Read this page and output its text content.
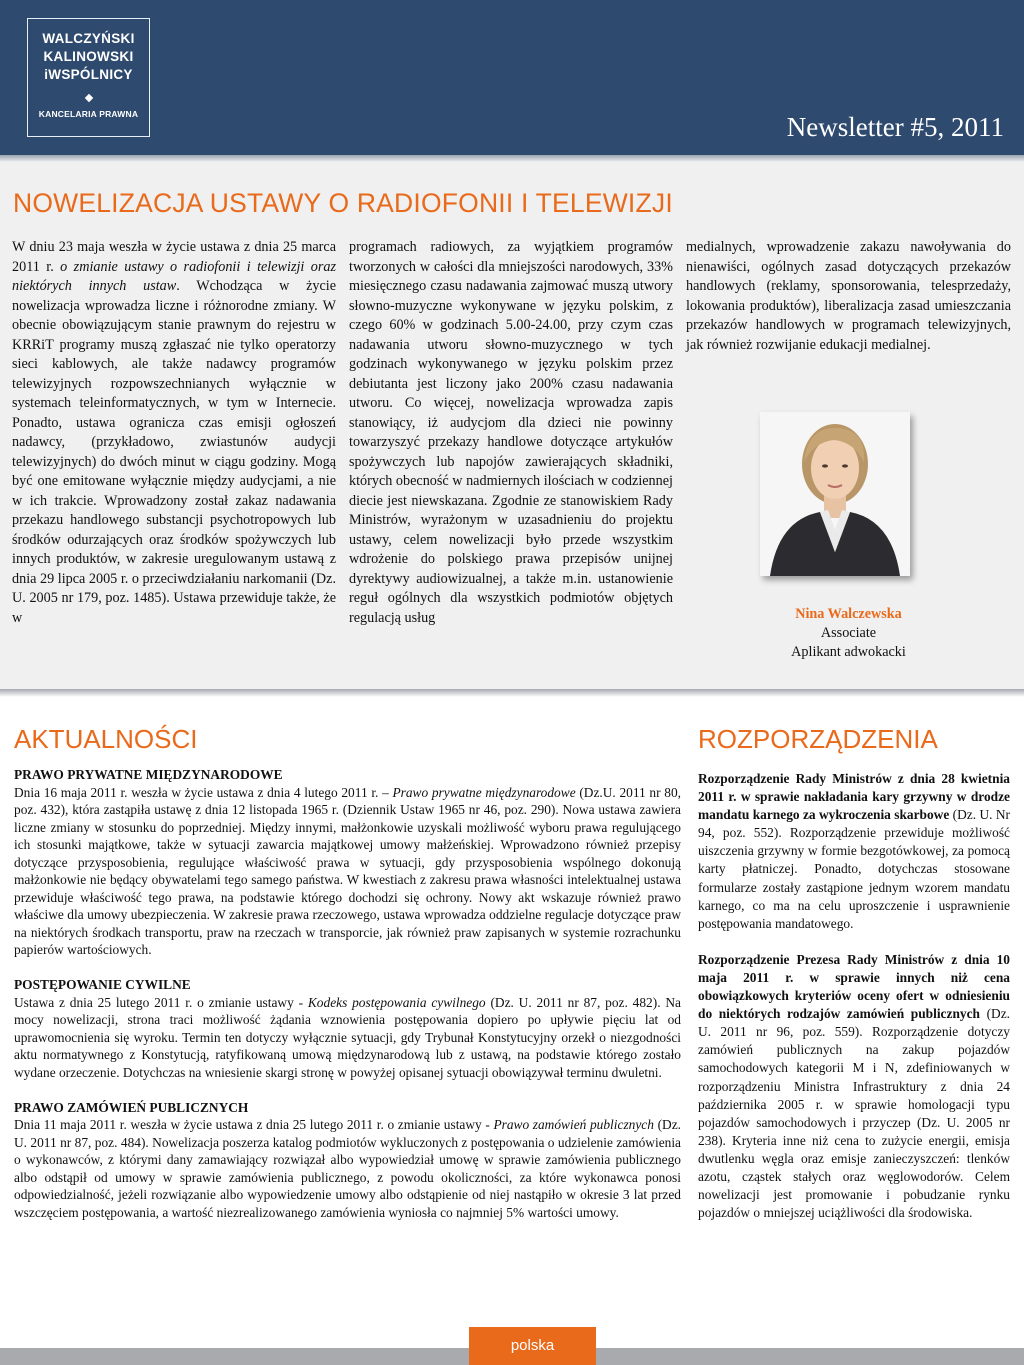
WALCZYŃSKI
KALINOWSKI
iWSPÓLNICY
KANCELARIA PRAWNA	Newsletter #5, 2011
NOWELIZACJA USTAWY O RADIOFONII I TELEWIZJI
W dniu 23 maja weszła w życie ustawa z dnia 25 marca 2011 r. o zmianie ustawy o radiofonii i telewizji oraz niektórych innych ustaw. Wchodząca w życie nowelizacja wprowadza liczne i różnorodne zmiany. W obecnie obowiązującym stanie prawnym do rejestru w KRRiT programy muszą zgłaszać nie tylko operatorzy sieci kablowych, ale także nadawcy programów telewizyjnych rozpowszechnianych wyłącznie w systemach teleinformatycznych, w tym w Internecie. Ponadto, ustawa ogranicza czas emisji ogłoszeń nadawcy, (przykładowo, zwiastunów audycji telewizyjnych) do dwóch minut w ciągu godziny. Mogą być one emitowane wyłącznie między audycjami, a nie w ich trakcie. Wprowadzony został zakaz nadawania przekazu handlowego substancji psychotropowych lub środków odurzających oraz środków spożywczych lub innych produktów, w zakresie uregulowanym ustawą z dnia 29 lipca 2005 r. o przeciwdziałaniu narkomanii (Dz. U. 2005 nr 179, poz. 1485). Ustawa przewiduje także, że w
programach radiowych, za wyjątkiem programów tworzonych w całości dla mniejszości narodowych, 33% miesięcznego czasu nadawania zajmować muszą utwory słowno-muzyczne wykonywane w języku polskim, z czego 60% w godzinach 5.00-24.00, przy czym czas nadawania utworu słowno-muzycznego w tych godzinach wykonywanego w języku polskim przez debiutanta jest liczony jako 200% czasu nadawania utworu. Co więcej, nowelizacja wprowadza zapis stanowiący, iż audycjom dla dzieci nie powinny towarzyszyć przekazy handlowe dotyczące artykułów spożywczych lub napojów zawierających składniki, których obecność w nadmiernych ilościach w codziennej diecie jest niewskazana. Zgodnie ze stanowiskiem Rady Ministrów, wyrażonym w uzasadnieniu do projektu ustawy, celem nowelizacji było przede wszystkim wdrożenie do polskiego prawa przepisów unijnej dyrektywy audiowizualnej, a także m.in. ustanowienie reguł ogólnych dla wszystkich podmiotów objętych regulacją usług
medialnych, wprowadzenie zakazu nawoływania do nienawiści, ogólnych zasad dotyczących przekazów handlowych (reklamy, sponsorowania, telesprzedaży, lokowania produktów), liberalizacja zasad umieszczania przekazów handlowych w programach telewizyjnych, jak również rozwijanie edukacji medialnej.
Nina Walczewska
Associate
Aplikant adwokacki
AKTUALNOŚCI

PRAWO PRYWATNE MIĘDZYNARODOWE
Dnia 16 maja 2011 r. weszła w życie ustawa z dnia 4 lutego 2011 r. – Prawo prywatne międzynarodowe (Dz.U. 2011 nr 80, poz. 432), która zastąpiła ustawę z dnia 12 listopada 1965 r. (Dziennik Ustaw 1965 nr 46, poz. 290). Nowa ustawa zawiera liczne zmiany w stosunku do poprzedniej. Między innymi, małżonkowie uzyskali możliwość wyboru prawa regulującego ich stosunki majątkowe, także w sytuacji zawarcia majątkowej umowy małżeńskiej. Wprowadzono również przepisy dotyczące przysposobienia, regulujące właściwość prawa w sytuacji, gdy przysposobienia wspólnego dokonują małżonkowie nie będący obywatelami tego samego państwa. W kwestiach z zakresu prawa własności intelektualnej ustawa przewiduje właściwość tego prawa, na podstawie którego dochodzi się ochrony. Nowy akt wskazuje również prawo właściwe dla umowy ubezpieczenia. W zakresie prawa rzeczowego, ustawa wprowadza oddzielne regulacje dotyczące praw na niektórych środkach transportu, praw na rzeczach w transporcie, jak również praw zapisanych w systemie rozrachunku papierów wartościowych.

POSTĘPOWANIE CYWILNE
Ustawa z dnia 25 lutego 2011 r. o zmianie ustawy - Kodeks postępowania cywilnego (Dz. U. 2011 nr 87, poz. 482). Na mocy nowelizacji, strona traci możliwość żądania wznowienia postępowania dopiero po upływie pięciu lat od uprawomocnienia się wyroku. Termin ten dotyczy wyłącznie sytuacji, gdy Trybunał Konstytucyjny orzekł o niezgodności aktu normatywnego z Konstytucją, ratyfikowaną umową międzynarodową lub z ustawą, na podstawie którego zostało wydane orzeczenie. Dotychczas na wniesienie skargi stronę w powyżej opisanej sytuacji obowiązywał terminu dwuletni.

PRAWO ZAMÓWIEŃ PUBLICZNYCH
Dnia 11 maja 2011 r. weszła w życie ustawa z dnia 25 lutego 2011 r. o zmianie ustawy - Prawo zamówień publicznych (Dz. U. 2011 nr 87, poz. 484). Nowelizacja poszerza katalog podmiotów wykluczonych z postępowania o udzielenie zamówienia o wykonawców, z którymi dany zamawiający rozwiązał albo wypowiedział umowę w sprawie zamówienia publicznego albo odstąpił od umowy w sprawie zamówienia publicznego, z powodu okoliczności, za które wykonawca ponosi odpowiedzialność, jeżeli rozwiązanie albo wypowiedzenie umowy albo odstąpienie od niej nastąpiło w okresie 3 lat przed wszczęciem postępowania, a wartość niezrealizowanego zamówienia wyniosła co najmniej 5% wartości umowy.

ROZPORZĄDZENIA

Rozporządzenie Rady Ministrów z dnia 28 kwietnia 2011 r. w sprawie nakładania kary grzywny w drodze mandatu karnego za wykroczenia skarbowe (Dz. U. Nr 94, poz. 552). Rozporządzenie przewiduje możliwość uiszczenia grzywny w formie bezgotówkowej, za pomocą karty płatniczej. Ponadto, dotychczas stosowane formularze zostały zastąpione jednym wzorem mandatu karnego, co ma na celu uproszczenie i usprawnienie postępowania mandatowego.

Rozporządzenie Prezesa Rady Ministrów z dnia 10 maja 2011 r. w sprawie innych niż cena obowiązkowych kryteriów oceny ofert w odniesieniu do niektórych rodzajów zamówień publicznych (Dz. U. 2011 nr 96, poz. 559). Rozporządzenie dotyczy zamówień publicznych na zakup pojazdów samochodowych kategorii M i N, zdefiniowanych w rozporządzeniu Ministra Infrastruktury z dnia 24 października 2005 r. w sprawie homologacji typu pojazdów samochodowych i przyczep (Dz. U. 2005 nr 238). Kryteria inne niż cena to zużycie energii, emisja dwutlenku węgla oraz emisje zanieczyszczeń: tlenków azotu, cząstek stałych oraz węglowodorów. Celem nowelizacji jest promowanie i pobudzanie rynku pojazdów o mniejszej uciążliwości dla środowiska.

polska
